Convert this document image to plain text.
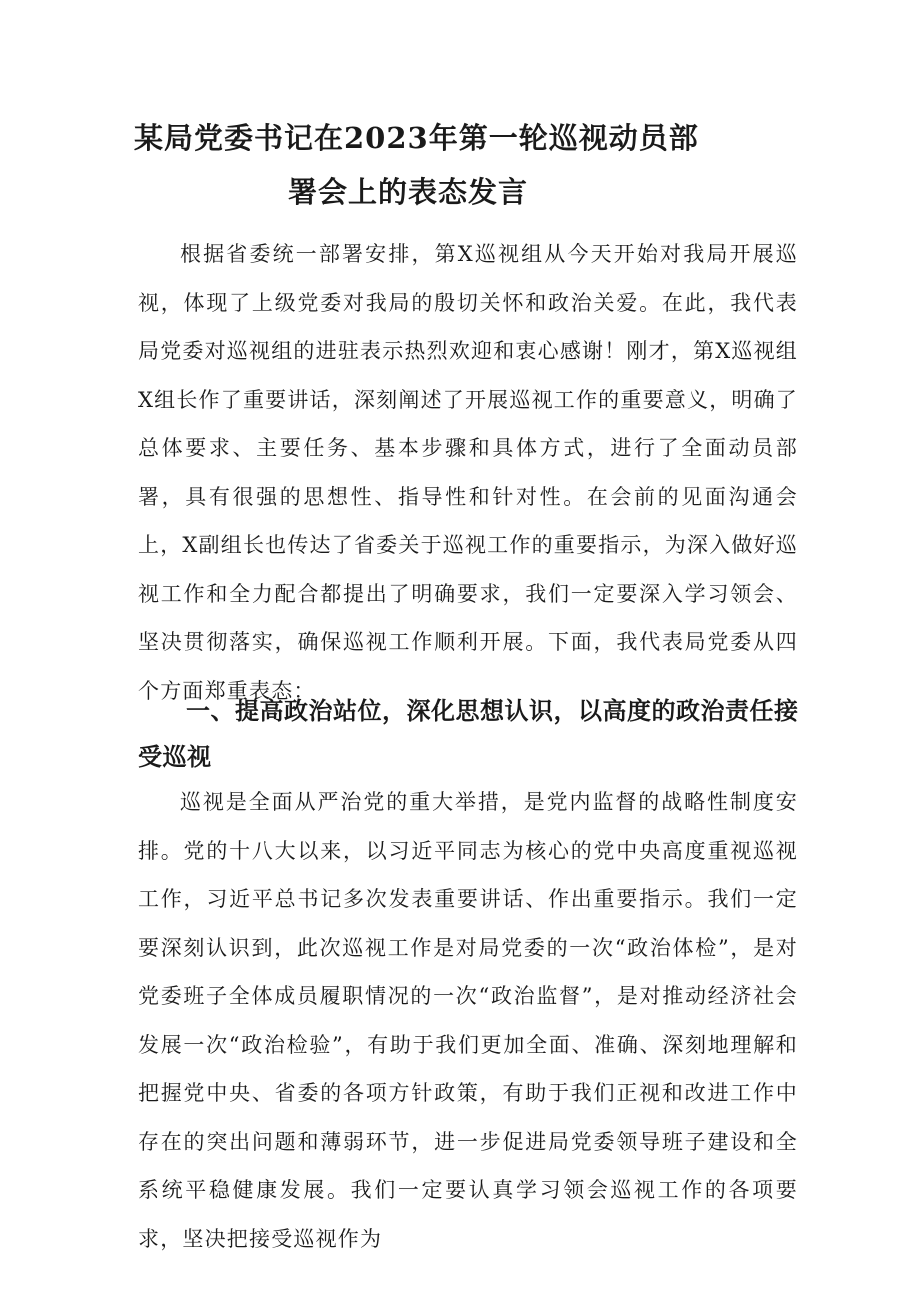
某局党委书记在2023年第一轮巡视动员部
署会上的表态发言

根据省委统一部署安排，第X巡视组从今天开始对我局开展巡视，体现了上级党委对我局的殷切关怀和政治关爱。在此，我代表局党委对巡视组的进驻表示热烈欢迎和衷心感谢！刚才，第X巡视组X组长作了重要讲话，深刻阐述了开展巡视工作的重要意义，明确了总体要求、主要任务、基本步骤和具体方式，进行了全面动员部署，具有很强的思想性、指导性和针对性。在会前的见面沟通会上，X副组长也传达了省委关于巡视工作的重要指示，为深入做好巡视工作和全力配合都提出了明确要求，我们一定要深入学习领会、坚决贯彻落实，确保巡视工作顺利开展。下面，我代表局党委从四个方面郑重表态：

一、提高政治站位，深化思想认识，以高度的政治责任接受巡视

巡视是全面从严治党的重大举措，是党内监督的战略性制度安排。党的十八大以来，以习近平同志为核心的党中央高度重视巡视工作，习近平总书记多次发表重要讲话、作出重要指示。我们一定要深刻认识到，此次巡视工作是对局党委的一次“政治体检”，是对党委班子全体成员履职情况的一次“政治监督”，是对推动经济社会发展一次“政治检验”，有助于我们更加全面、准确、深刻地理解和把握党中央、省委的各项方针政策，有助于我们正视和改进工作中存在的突出问题和薄弱环节，进一步促进局党委领导班子建设和全系统平稳健康发展。我们一定要认真学习领会巡视工作的各项要求，坚决把接受巡视作为
